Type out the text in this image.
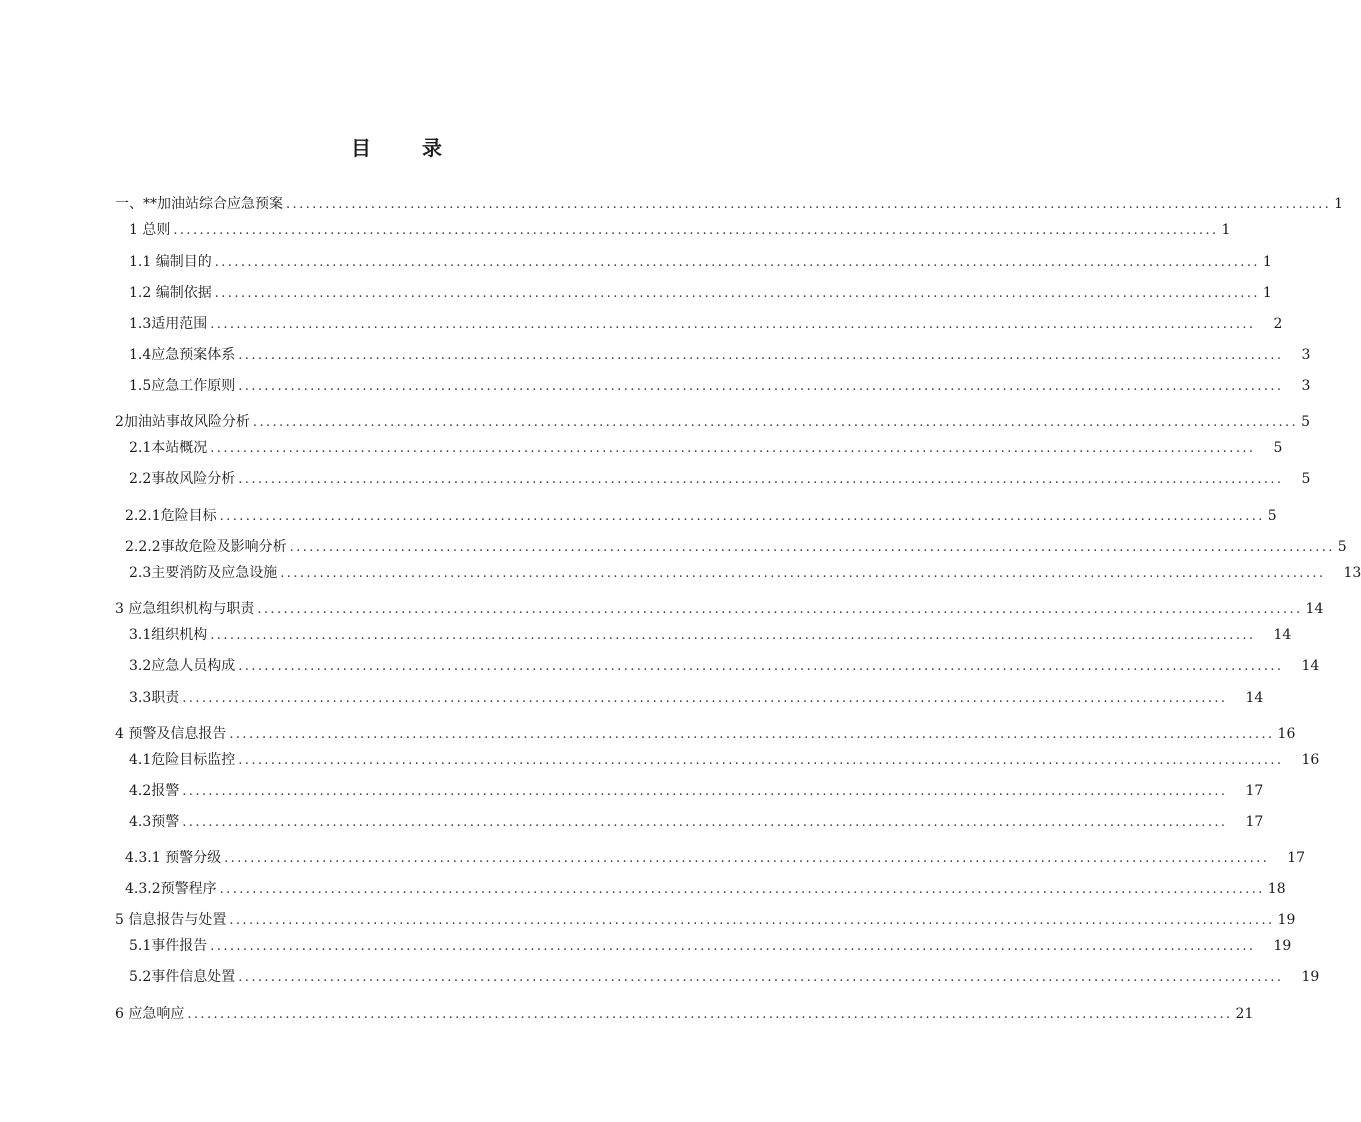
目 录
一、**加油站综合应急预案 ................................................................................................................................................................ 1
1 总则 ................................................................................................................................................................ 1
1.1 编制目的 ................................................................................................................................................................ 1
1.2 编制依据 ................................................................................................................................................................ 1
1.3适用范围 ................................................................................................................................................................	2
1.4应急预案体系 ................................................................................................................................................................	3
1.5应急工作原则 ................................................................................................................................................................	3
2加油站事故风险分析 ................................................................................................................................................................ 5
2.1本站概况 ................................................................................................................................................................	5
2.2事故风险分析 ................................................................................................................................................................	5
2.2.1危险目标 ................................................................................................................................................................ 5
2.2.2事故危险及影响分析 ................................................................................................................................................................ 5
2.3主要消防及应急设施 ................................................................................................................................................................	13
3 应急组织机构与职责 ................................................................................................................................................................ 14
3.1组织机构 ................................................................................................................................................................	14
3.2应急人员构成 ................................................................................................................................................................	14
3.3职责 ................................................................................................................................................................	14
4 预警及信息报告 ................................................................................................................................................................ 16
4.1危险目标监控 ................................................................................................................................................................	16
4.2报警 ................................................................................................................................................................	17
4.3预警 ................................................................................................................................................................	17
4.3.1 预警分级 ................................................................................................................................................................	17
4.3.2预警程序 ................................................................................................................................................................ 18
5 信息报告与处置 ................................................................................................................................................................ 19
5.1事件报告 ................................................................................................................................................................	19
5.2事件信息处置 ................................................................................................................................................................	19
6 应急响应 ................................................................................................................................................................ 21
